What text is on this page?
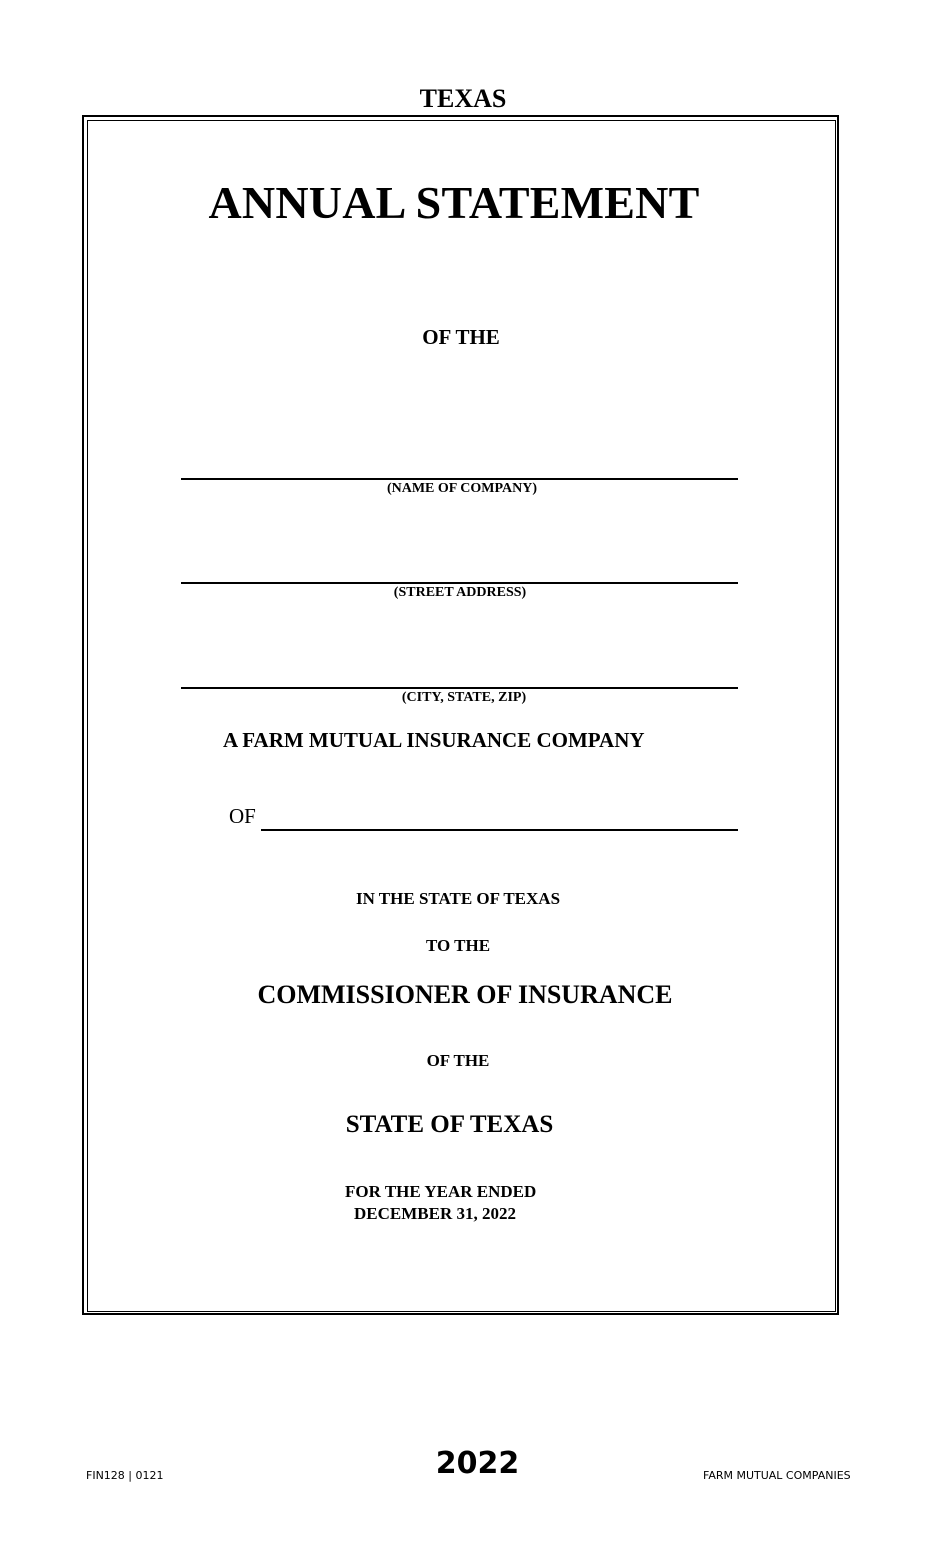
TEXAS
ANNUAL STATEMENT
OF THE
(NAME OF COMPANY)
(STREET ADDRESS)
(CITY, STATE, ZIP)
A FARM MUTUAL INSURANCE COMPANY
OF
IN THE STATE OF TEXAS
TO THE
COMMISSIONER OF INSURANCE
OF THE
STATE OF TEXAS
FOR THE YEAR ENDED
DECEMBER 31, 2022
FIN128 | 0121	2022	FARM MUTUAL COMPANIES
